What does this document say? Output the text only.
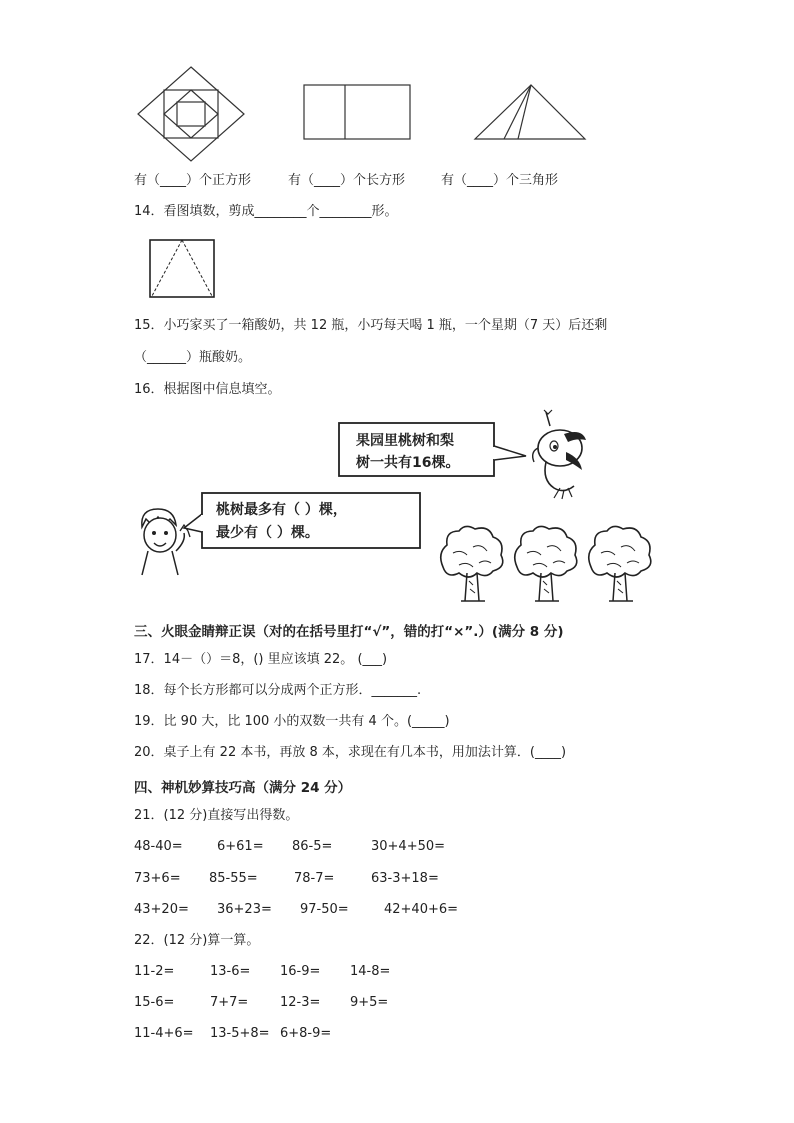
有（____）个正方形	有（____）个长方形	有（____）个三角形
14．看图填数，剪成________个________形。
15．小巧家买了一箱酸奶，共 12 瓶，小巧每天喝 1 瓶，一个星期（7 天）后还剩
（______）瓶酸奶。
16．根据图中信息填空。
果园里桃树和梨
树一共有16棵。
桃树最多有（ ）棵，
最少有（ ）棵。
三、火眼金睛辩正误（对的在括号里打“√”，错的打“×”.）(满分 8 分)
17．14－（）＝8，() 里应该填 22。 (___)
18．每个长方形都可以分成两个正方形．_______.
19．比 90 大，比 100 小的双数一共有 4 个。(_____)
20．桌子上有 22 本书，再放 8 本，求现在有几本书，用加法计算．(____)
四、神机妙算技巧高（满分 24 分）
21．(12 分)直接写出得数。
48-40=	6+61= 86-5=	30+4+50=
73+6= 85-55=	78-7=	63-3+18=
43+20= 36+23= 97-50=	42+40+6=
22．(12 分)算一算。
11-2=	13-6= 16-9= 14-8=
15-6=	7+7= 12-3= 9+5=
11-4+6= 13-5+8= 6+8-9=
